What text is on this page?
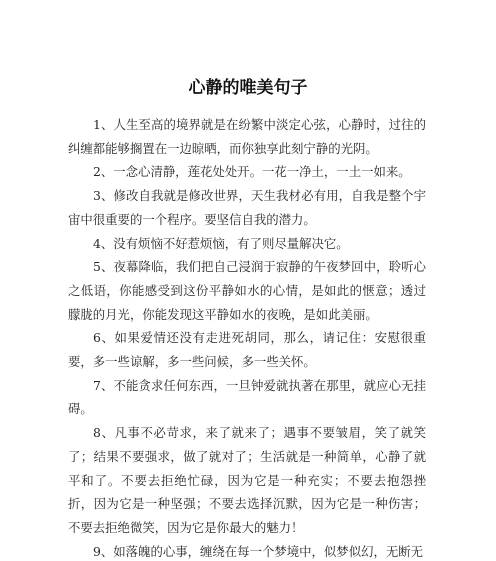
心静的唯美句子

1、人生至高的境界就是在纷繁中淡定心弦，心静时，过往的纠缠都能够搁置在一边晾晒，而你独享此刻宁静的光阴。

2、一念心清静，莲花处处开。一花一净土，一土一如来。

3、修改自我就是修改世界，天生我材必有用，自我是整个宇宙中很重要的一个程序。要坚信自我的潜力。

4、没有烦恼不好惹烦恼，有了则尽量解决它。

5、夜幕降临，我们把自己浸润于寂静的午夜梦回中，聆听心之低语，你能感受到这份平静如水的心情，是如此的惬意；透过朦胧的月光，你能发现这平静如水的夜晚，是如此美丽。

6、如果爱情还没有走进死胡同，那么，请记住：安慰很重要，多一些谅解，多一些问候，多一些关怀。

7、不能贪求任何东西，一旦钟爱就执著在那里，就应心无挂碍。

8、凡事不必苛求，来了就来了；遇事不要皱眉，笑了就笑了；结果不要强求，做了就对了；生活就是一种简单，心静了就平和了。不要去拒绝忙碌，因为它是一种充实；不要去抱怨挫折，因为它是一种坚强；不要去选择沉默，因为它是一种伤害；不要去拒绝微笑，因为它是你最大的魅力！

9、如落魄的心事，缠绕在每一个梦境中，似梦似幻，无断无
